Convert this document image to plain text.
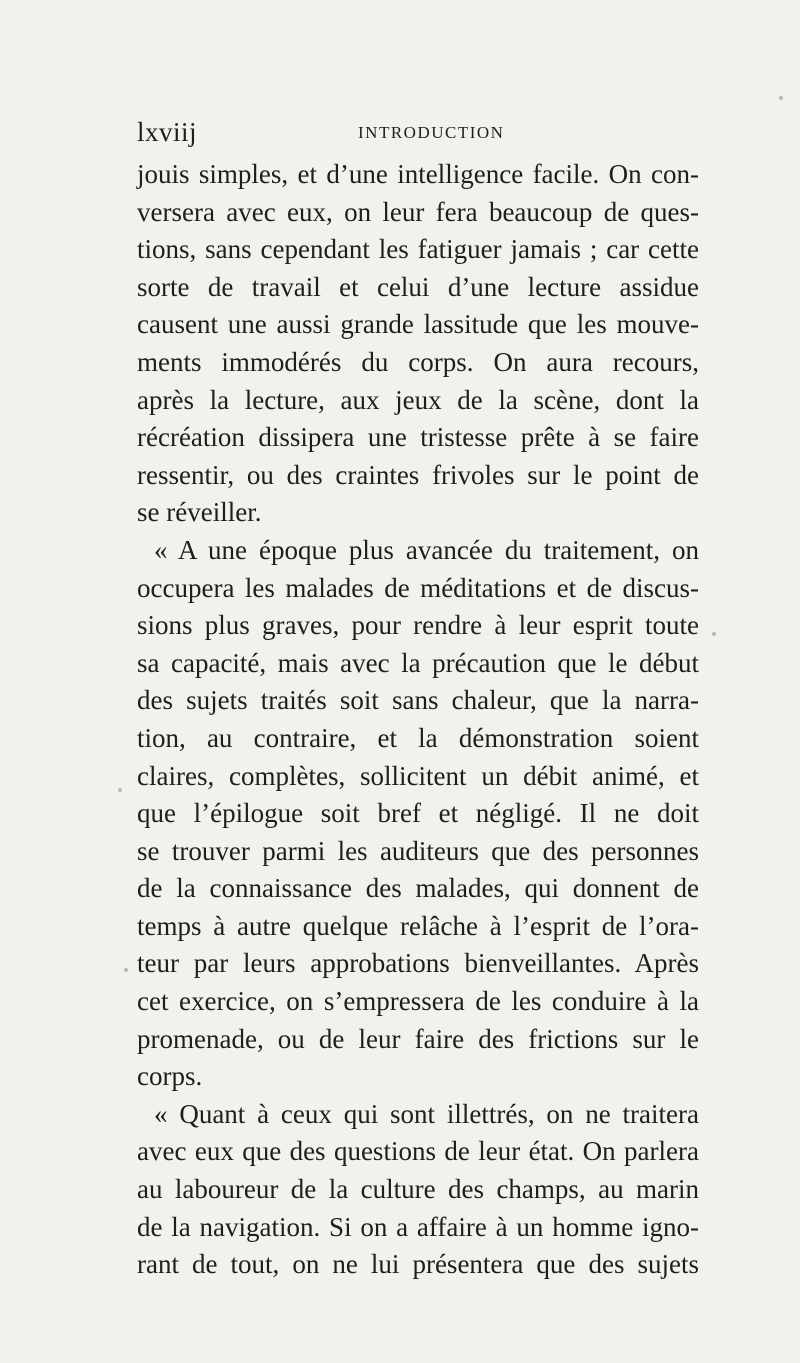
lxviij	INTRODUCTION
jouis simples, et d’une intelligence facile. On con-
versera avec eux, on leur fera beaucoup de ques-
tions, sans cependant les fatiguer jamais ; car cette
sorte de travail et celui d’une lecture assidue
causent une aussi grande lassitude que les mouve-
ments immodérés du corps. On aura recours,
après la lecture, aux jeux de la scène, dont la
récréation dissipera une tristesse prête à se faire
ressentir, ou des craintes frivoles sur le point de
se réveiller.
« A une époque plus avancée du traitement, on
occupera les malades de méditations et de discus-
sions plus graves, pour rendre à leur esprit toute
sa capacité, mais avec la précaution que le début
des sujets traités soit sans chaleur, que la narra-
tion, au contraire, et la démonstration soient
claires, complètes, sollicitent un débit animé, et
que l’épilogue soit bref et négligé. Il ne doit
se trouver parmi les auditeurs que des personnes
de la connaissance des malades, qui donnent de
temps à autre quelque relâche à l’esprit de l’ora-
teur par leurs approbations bienveillantes. Après
cet exercice, on s’empressera de les conduire à la
promenade, ou de leur faire des frictions sur le
corps.
« Quant à ceux qui sont illettrés, on ne traitera
avec eux que des questions de leur état. On parlera
au laboureur de la culture des champs, au marin
de la navigation. Si on a affaire à un homme igno-
rant de tout, on ne lui présentera que des sujets
